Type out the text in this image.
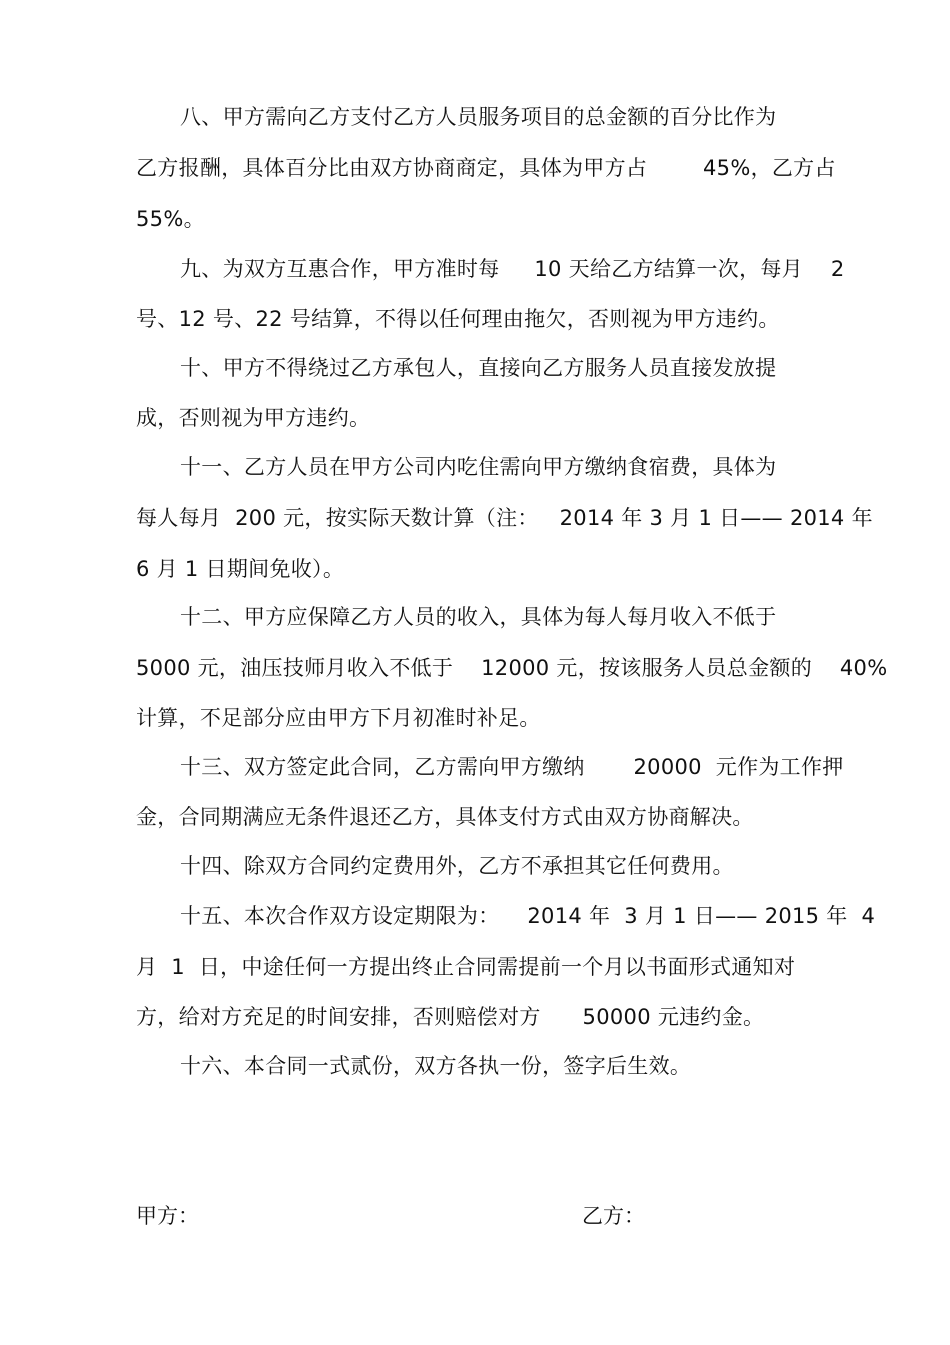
八、甲方需向乙方支付乙方人员服务项目的总金额的百分比作为
乙方报酬，具体百分比由双方协商商定，具体为甲方占        45%，乙方占
55%。
九、为双方互惠合作，甲方准时每     10 天给乙方结算一次，每月    2
号、12 号、22 号结算，不得以任何理由拖欠，否则视为甲方违约。
十、甲方不得绕过乙方承包人，直接向乙方服务人员直接发放提
成，否则视为甲方违约。
十一、乙方人员在甲方公司内吃住需向甲方缴纳食宿费，具体为
每人每月  200 元，按实际天数计算（注：   2014 年 3 月 1 日—— 2014 年
6 月 1 日期间免收）。
十二、甲方应保障乙方人员的收入，具体为每人每月收入不低于
5000 元，油压技师月收入不低于    12000 元，按该服务人员总金额的    40%
计算，不足部分应由甲方下月初准时补足。
十三、双方签定此合同，乙方需向甲方缴纳       20000  元作为工作押
金，合同期满应无条件退还乙方，具体支付方式由双方协商解决。
十四、除双方合同约定费用外，乙方不承担其它任何费用。
十五、本次合作双方设定期限为：    2014 年  3 月 1 日—— 2015 年  4
月  1  日，中途任何一方提出终止合同需提前一个月以书面形式通知对
方，给对方充足的时间安排，否则赔偿对方      50000 元违约金。
十六、本合同一式贰份，双方各执一份，签字后生效。
甲方：	乙方：
